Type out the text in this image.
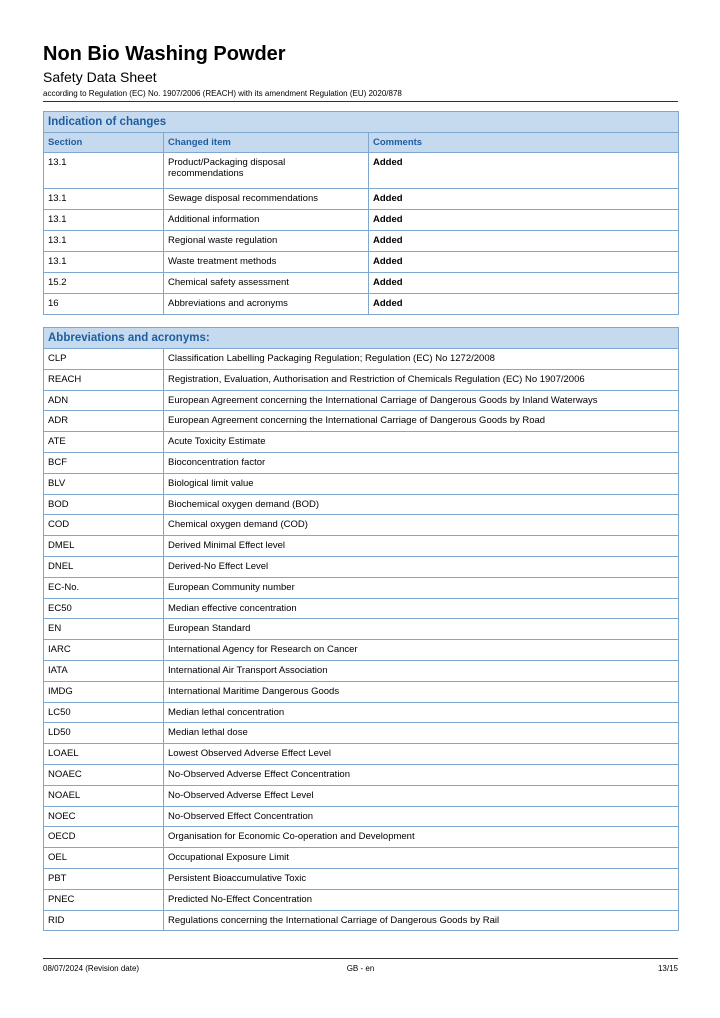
Non Bio Washing Powder
Safety Data Sheet
according to Regulation (EC) No. 1907/2006 (REACH) with its amendment Regulation (EU) 2020/878
Indication of changes		
Section	Changed item	Comments
13.1	Product/Packaging disposal recommendations	Added
13.1	Sewage disposal recommendations	Added
13.1	Additional information	Added
13.1	Regional waste regulation	Added
13.1	Waste treatment methods	Added
15.2	Chemical safety assessment	Added
16	Abbreviations and acronyms	Added
Abbreviations and acronyms:	
CLP	Classification Labelling Packaging Regulation; Regulation (EC) No 1272/2008
REACH	Registration, Evaluation, Authorisation and Restriction of Chemicals Regulation (EC) No 1907/2006
ADN	European Agreement concerning the International Carriage of Dangerous Goods by Inland Waterways
ADR	European Agreement concerning the International Carriage of Dangerous Goods by Road
ATE	Acute Toxicity Estimate
BCF	Bioconcentration factor
BLV	Biological limit value
BOD	Biochemical oxygen demand (BOD)
COD	Chemical oxygen demand (COD)
DMEL	Derived Minimal Effect level
DNEL	Derived-No Effect Level
EC-No.	European Community number
EC50	Median effective concentration
EN	European Standard
IARC	International Agency for Research on Cancer
IATA	International Air Transport Association
IMDG	International Maritime Dangerous Goods
LC50	Median lethal concentration
LD50	Median lethal dose
LOAEL	Lowest Observed Adverse Effect Level
NOAEC	No-Observed Adverse Effect Concentration
NOAEL	No-Observed Adverse Effect Level
NOEC	No-Observed Effect Concentration
OECD	Organisation for Economic Co-operation and Development
OEL	Occupational Exposure Limit
PBT	Persistent Bioaccumulative Toxic
PNEC	Predicted No-Effect Concentration
RID	Regulations concerning the International Carriage of Dangerous Goods by Rail
08/07/2024 (Revision date)	GB - en	13/15
